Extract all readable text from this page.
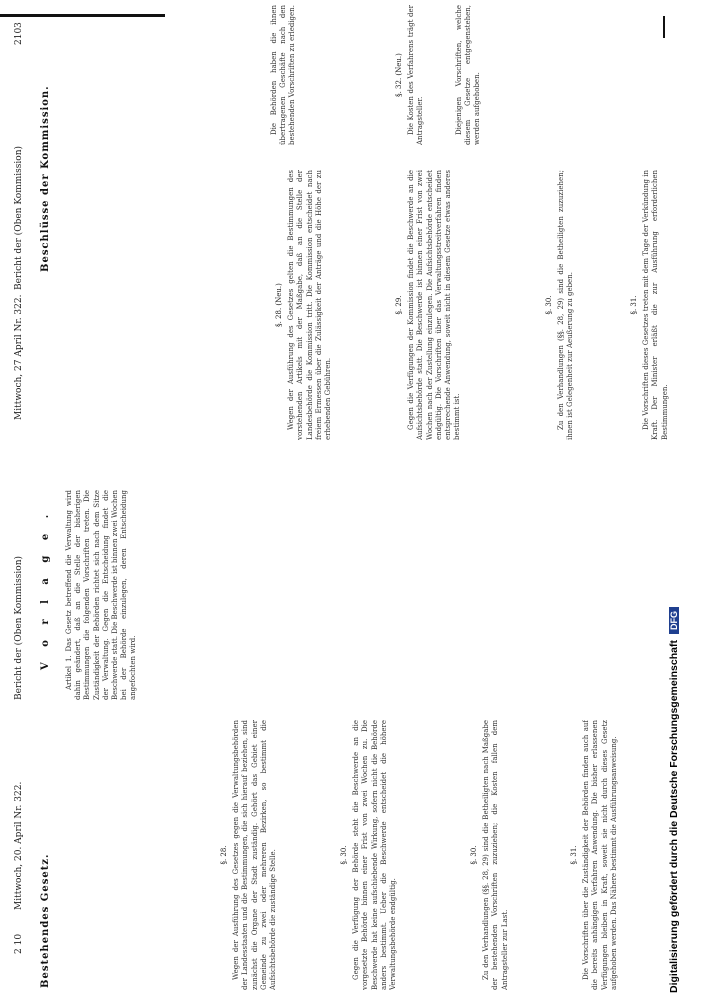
2 10
Mittwoch, 20. April Nr. 322.
Bericht der (Oben Kommission)
Mittwoch, 27 April Nr. 322.
Bericht der (Oben Kommission)
2103
Bestehendes Gesetz.
V o r l a g e .
Beschlüsse der Kommission.

§. 28. Wegen der Ausführung des Gesetzes gegen die Verwaltungsbehörden der Landesstaaten und die Bestimmungen, die sich hierauf beziehen, sind zunächst die Organe der Stadt zuständig. Gehört das Gebiet einer Gemeinde zu zwei oder mehreren Bezirken, so bestimmt die Aufsichtsbehörde die zuständige Stelle.	§. 30. Gegen die Verfügung der Behörde steht die Beschwerde an die vorgesetzte Behörde binnen einer Frist von zwei Wochen zu. Die Beschwerde hat keine aufschiebende Wirkung, sofern nicht die Behörde anders bestimmt. Ueber die Beschwerde entscheidet die höhere Verwaltungsbehörde endgültig.

§. 30. Zu den Verhandlungen (§§. 28, 29) sind die Betheiligten nach Maßgabe der bestehenden Vorschriften zuzuziehen; die Kosten fallen dem Antragsteller zur Last.

§. 31. Die Vorschriften über die Zuständigkeit der Behörden finden auch auf die bereits anhängigen Verfahren Anwendung. Die bisher erlassenen Verfügungen bleiben in Kraft, soweit sie nicht durch dieses Gesetz aufgehoben werden. Das Nähere bestimmt die Ausführungsanweisung.

Artikel 1. Das Gesetz betreffend die Verwaltung wird dahin geändert, daß an die Stelle der bisherigen Bestimmungen die folgenden Vorschriften treten. Die Zuständigkeit der Behörden richtet sich nach dem Sitze der Verwaltung. Gegen die Entscheidung findet die Beschwerde statt. Die Beschwerde ist binnen zwei Wochen bei der Behörde einzulegen, deren Entscheidung angefochten wird.

§. 28. (Neu.) Wegen der Ausführung des Gesetzes gelten die Bestimmungen des vorstehenden Artikels mit der Maßgabe, daß an die Stelle der Landesbehörde die Kommission tritt. Die Kommission entscheidet nach freiem Ermessen über die Zulässigkeit der Anträge und die Höhe der zu erhebenden Gebühren.

§. 29. Gegen die Verfügungen der Kommission findet die Beschwerde an die Aufsichtsbehörde statt. Die Beschwerde ist binnen einer Frist von zwei Wochen nach der Zustellung einzulegen. Die Aufsichtsbehörde entscheidet endgültig. Die Vorschriften über das Verwaltungsstreitverfahren finden entsprechende Anwendung, soweit nicht in diesem Gesetze etwas anderes bestimmt ist.

§. 30. Zu den Verhandlungen (§§. 28, 29) sind die Betheiligten zuzuziehen; ihnen ist Gelegenheit zur Aeußerung zu geben.	§. 31. Die Vorschriften dieses Gesetzes treten mit dem Tage der Verkündung in Kraft. Der Minister erläßt die zur Ausführung erforderlichen Bestimmungen.

Die Behörden haben die ihnen übertragenen Geschäfte nach den bestehenden Vorschriften zu erledigen.	§. 32. (Neu.) Die Kosten des Verfahrens trägt der Antragsteller.	Diejenigen Vorschriften, welche diesem Gesetze entgegenstehen, werden aufgehoben.

Digitalisierung gefördert durch die Deutsche ForschungsgemeinschaftDFG
